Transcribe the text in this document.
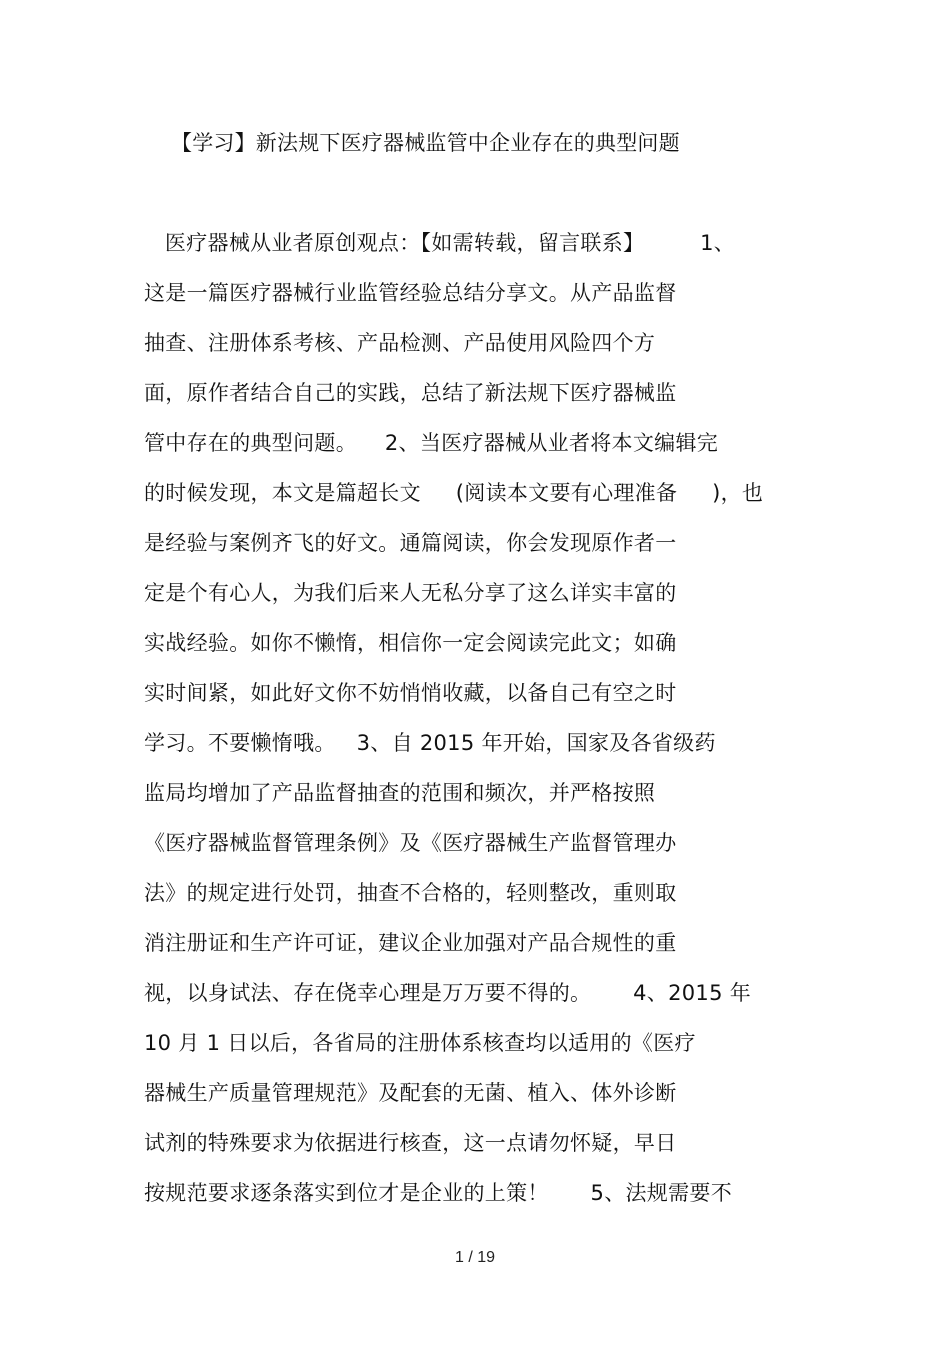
【学习】新法规下医疗器械监管中企业存在的典型问题
医疗器械从业者原创观点：【如需转载，留言联系】        1、
这是一篇医疗器械行业监管经验总结分享文。从产品监督
抽查、注册体系考核、产品检测、产品使用风险四个方
面，原作者结合自己的实践，总结了新法规下医疗器械监
管中存在的典型问题。    2、当医疗器械从业者将本文编辑完
的时候发现，本文是篇超长文     (阅读本文要有心理准备     )，也
是经验与案例齐飞的好文。通篇阅读，你会发现原作者一
定是个有心人，为我们后来人无私分享了这么详实丰富的
实战经验。如你不懒惰，相信你一定会阅读完此文；如确
实时间紧，如此好文你不妨悄悄收藏，以备自己有空之时
学习。不要懒惰哦。   3、自 2015 年开始，国家及各省级药
监局均增加了产品监督抽查的范围和频次，并严格按照
《医疗器械监督管理条例》及《医疗器械生产监督管理办
法》的规定进行处罚，抽查不合格的，轻则整改，重则取
消注册证和生产许可证，建议企业加强对产品合规性的重
视，以身试法、存在侥幸心理是万万要不得的。      4、2015 年
10 月 1 日以后，各省局的注册体系核查均以适用的《医疗
器械生产质量管理规范》及配套的无菌、植入、体外诊断
试剂的特殊要求为依据进行核查，这一点请勿怀疑，早日
按规范要求逐条落实到位才是企业的上策！      5、法规需要不
1 / 19
